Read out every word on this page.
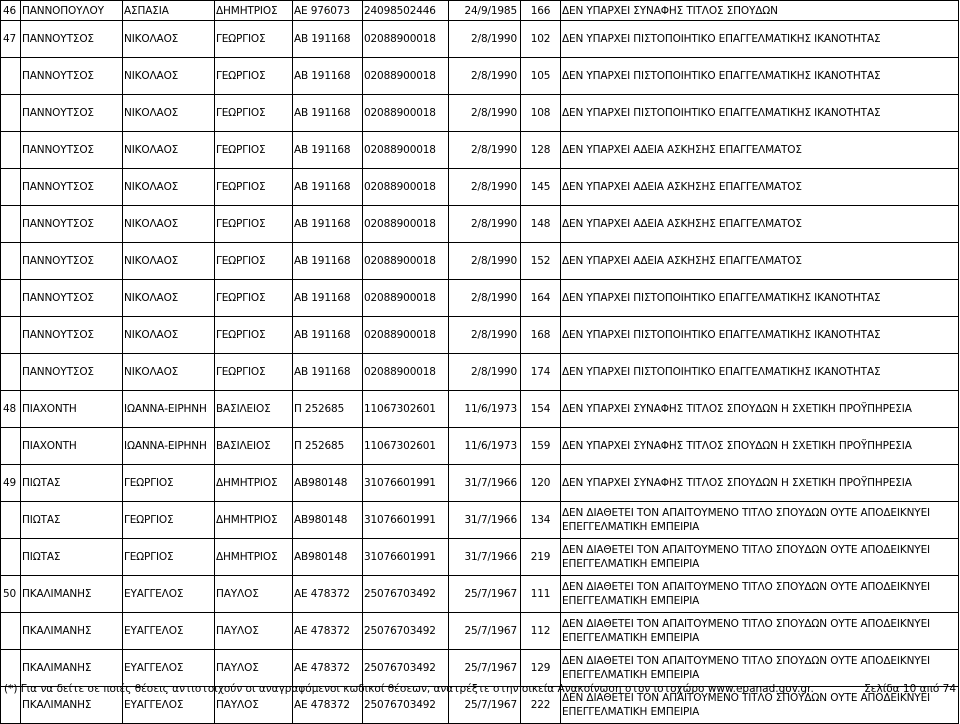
46	ΠΑΝΝΟΠΟΥΛΟΥ	ΑΣΠΑΣΙΑ	ΔΗΜΗΤΡΙΟΣ	ΑΕ 976073	24098502446	24/9/1985	166	ΔΕΝ ΥΠΑΡΧΕΙ ΣΥΝΑΦΗΣ ΤΙΤΛΟΣ ΣΠΟΥΔΩΝ
47	ΠΑΝΝΟΥΤΣΟΣ	ΝΙΚΟΛΑΟΣ	ΓΕΩΡΓΙΟΣ	ΑΒ 191168	02088900018	2/8/1990	102	ΔΕΝ ΥΠΑΡΧΕΙ ΠΙΣΤΟΠΟΙΗΤΙΚΟ ΕΠΑΓΓΕΛΜΑΤΙΚΗΣ ΙΚΑΝΟΤΗΤΑΣ
	ΠΑΝΝΟΥΤΣΟΣ	ΝΙΚΟΛΑΟΣ	ΓΕΩΡΓΙΟΣ	ΑΒ 191168	02088900018	2/8/1990	105	ΔΕΝ ΥΠΑΡΧΕΙ ΠΙΣΤΟΠΟΙΗΤΙΚΟ ΕΠΑΓΓΕΛΜΑΤΙΚΗΣ ΙΚΑΝΟΤΗΤΑΣ
	ΠΑΝΝΟΥΤΣΟΣ	ΝΙΚΟΛΑΟΣ	ΓΕΩΡΓΙΟΣ	ΑΒ 191168	02088900018	2/8/1990	108	ΔΕΝ ΥΠΑΡΧΕΙ ΠΙΣΤΟΠΟΙΗΤΙΚΟ ΕΠΑΓΓΕΛΜΑΤΙΚΗΣ ΙΚΑΝΟΤΗΤΑΣ
	ΠΑΝΝΟΥΤΣΟΣ	ΝΙΚΟΛΑΟΣ	ΓΕΩΡΓΙΟΣ	ΑΒ 191168	02088900018	2/8/1990	128	ΔΕΝ ΥΠΑΡΧΕΙ ΑΔΕΙΑ ΑΣΚΗΣΗΣ ΕΠΑΓΓΕΛΜΑΤΟΣ
	ΠΑΝΝΟΥΤΣΟΣ	ΝΙΚΟΛΑΟΣ	ΓΕΩΡΓΙΟΣ	ΑΒ 191168	02088900018	2/8/1990	145	ΔΕΝ ΥΠΑΡΧΕΙ ΑΔΕΙΑ ΑΣΚΗΣΗΣ ΕΠΑΓΓΕΛΜΑΤΟΣ
	ΠΑΝΝΟΥΤΣΟΣ	ΝΙΚΟΛΑΟΣ	ΓΕΩΡΓΙΟΣ	ΑΒ 191168	02088900018	2/8/1990	148	ΔΕΝ ΥΠΑΡΧΕΙ ΑΔΕΙΑ ΑΣΚΗΣΗΣ ΕΠΑΓΓΕΛΜΑΤΟΣ
	ΠΑΝΝΟΥΤΣΟΣ	ΝΙΚΟΛΑΟΣ	ΓΕΩΡΓΙΟΣ	ΑΒ 191168	02088900018	2/8/1990	152	ΔΕΝ ΥΠΑΡΧΕΙ ΑΔΕΙΑ ΑΣΚΗΣΗΣ ΕΠΑΓΓΕΛΜΑΤΟΣ
	ΠΑΝΝΟΥΤΣΟΣ	ΝΙΚΟΛΑΟΣ	ΓΕΩΡΓΙΟΣ	ΑΒ 191168	02088900018	2/8/1990	164	ΔΕΝ ΥΠΑΡΧΕΙ ΠΙΣΤΟΠΟΙΗΤΙΚΟ ΕΠΑΓΓΕΛΜΑΤΙΚΗΣ ΙΚΑΝΟΤΗΤΑΣ
	ΠΑΝΝΟΥΤΣΟΣ	ΝΙΚΟΛΑΟΣ	ΓΕΩΡΓΙΟΣ	ΑΒ 191168	02088900018	2/8/1990	168	ΔΕΝ ΥΠΑΡΧΕΙ ΠΙΣΤΟΠΟΙΗΤΙΚΟ ΕΠΑΓΓΕΛΜΑΤΙΚΗΣ ΙΚΑΝΟΤΗΤΑΣ
	ΠΑΝΝΟΥΤΣΟΣ	ΝΙΚΟΛΑΟΣ	ΓΕΩΡΓΙΟΣ	ΑΒ 191168	02088900018	2/8/1990	174	ΔΕΝ ΥΠΑΡΧΕΙ ΠΙΣΤΟΠΟΙΗΤΙΚΟ ΕΠΑΓΓΕΛΜΑΤΙΚΗΣ ΙΚΑΝΟΤΗΤΑΣ
48	ΠΙΑΧΟΝΤΗ	ΙΩΑΝΝΑ-ΕΙΡΗΝΗ	ΒΑΣΙΛΕΙΟΣ	Π 252685	11067302601	11/6/1973	154	ΔΕΝ ΥΠΑΡΧΕΙ ΣΥΝΑΦΗΣ ΤΙΤΛΟΣ ΣΠΟΥΔΩΝ Η ΣΧΕΤΙΚΗ ΠΡΟΫΠΗΡΕΣΙΑ
	ΠΙΑΧΟΝΤΗ	ΙΩΑΝΝΑ-ΕΙΡΗΝΗ	ΒΑΣΙΛΕΙΟΣ	Π 252685	11067302601	11/6/1973	159	ΔΕΝ ΥΠΑΡΧΕΙ ΣΥΝΑΦΗΣ ΤΙΤΛΟΣ ΣΠΟΥΔΩΝ Η ΣΧΕΤΙΚΗ ΠΡΟΫΠΗΡΕΣΙΑ
49	ΠΙΩΤΑΣ	ΓΕΩΡΓΙΟΣ	ΔΗΜΗΤΡΙΟΣ	ΑΒ980148	31076601991	31/7/1966	120	ΔΕΝ ΥΠΑΡΧΕΙ ΣΥΝΑΦΗΣ ΤΙΤΛΟΣ ΣΠΟΥΔΩΝ Η ΣΧΕΤΙΚΗ ΠΡΟΫΠΗΡΕΣΙΑ
	ΠΙΩΤΑΣ	ΓΕΩΡΓΙΟΣ	ΔΗΜΗΤΡΙΟΣ	ΑΒ980148	31076601991	31/7/1966	134	ΔΕΝ ΔΙΑΘΕΤΕΙ ΤΟΝ ΑΠΑΙΤΟΥΜΕΝΟ ΤΙΤΛΟ ΣΠΟΥΔΩΝ ΟΥΤΕ ΑΠΟΔΕΙΚΝΥΕΙ ΕΠΕΓΓΕΛΜΑΤΙΚΗ ΕΜΠΕΙΡΙΑ
	ΠΙΩΤΑΣ	ΓΕΩΡΓΙΟΣ	ΔΗΜΗΤΡΙΟΣ	ΑΒ980148	31076601991	31/7/1966	219	ΔΕΝ ΔΙΑΘΕΤΕΙ ΤΟΝ ΑΠΑΙΤΟΥΜΕΝΟ ΤΙΤΛΟ ΣΠΟΥΔΩΝ ΟΥΤΕ ΑΠΟΔΕΙΚΝΥΕΙ ΕΠΕΓΓΕΛΜΑΤΙΚΗ ΕΜΠΕΙΡΙΑ
50	ΠΚΑΛΙΜΑΝΗΣ	ΕΥΑΓΓΕΛΟΣ	ΠΑΥΛΟΣ	ΑΕ 478372	25076703492	25/7/1967	111	ΔΕΝ ΔΙΑΘΕΤΕΙ ΤΟΝ ΑΠΑΙΤΟΥΜΕΝΟ ΤΙΤΛΟ ΣΠΟΥΔΩΝ ΟΥΤΕ ΑΠΟΔΕΙΚΝΥΕΙ ΕΠΕΓΓΕΛΜΑΤΙΚΗ ΕΜΠΕΙΡΙΑ
	ΠΚΑΛΙΜΑΝΗΣ	ΕΥΑΓΓΕΛΟΣ	ΠΑΥΛΟΣ	ΑΕ 478372	25076703492	25/7/1967	112	ΔΕΝ ΔΙΑΘΕΤΕΙ ΤΟΝ ΑΠΑΙΤΟΥΜΕΝΟ ΤΙΤΛΟ ΣΠΟΥΔΩΝ ΟΥΤΕ ΑΠΟΔΕΙΚΝΥΕΙ ΕΠΕΓΓΕΛΜΑΤΙΚΗ ΕΜΠΕΙΡΙΑ
	ΠΚΑΛΙΜΑΝΗΣ	ΕΥΑΓΓΕΛΟΣ	ΠΑΥΛΟΣ	ΑΕ 478372	25076703492	25/7/1967	129	ΔΕΝ ΔΙΑΘΕΤΕΙ ΤΟΝ ΑΠΑΙΤΟΥΜΕΝΟ ΤΙΤΛΟ ΣΠΟΥΔΩΝ ΟΥΤΕ ΑΠΟΔΕΙΚΝΥΕΙ ΕΠΕΓΓΕΛΜΑΤΙΚΗ ΕΜΠΕΙΡΙΑ
	ΠΚΑΛΙΜΑΝΗΣ	ΕΥΑΓΓΕΛΟΣ	ΠΑΥΛΟΣ	ΑΕ 478372	25076703492	25/7/1967	222	ΔΕΝ ΔΙΑΘΕΤΕΙ ΤΟΝ ΑΠΑΙΤΟΥΜΕΝΟ ΤΙΤΛΟ ΣΠΟΥΔΩΝ ΟΥΤΕ ΑΠΟΔΕΙΚΝΥΕΙ ΕΠΕΓΓΕΛΜΑΤΙΚΗ ΕΜΠΕΙΡΙΑ
(*) Για να δείτε σε ποιές θέσεις αντιστοιχούν οι αναγραφόμενοι κωδικοί θέσεων, ανατρέξτε στην οικεία Ανακοίνωση στον ιστοχώρο www.epanad.gov.gr.	Σελίδα 10 από 74
